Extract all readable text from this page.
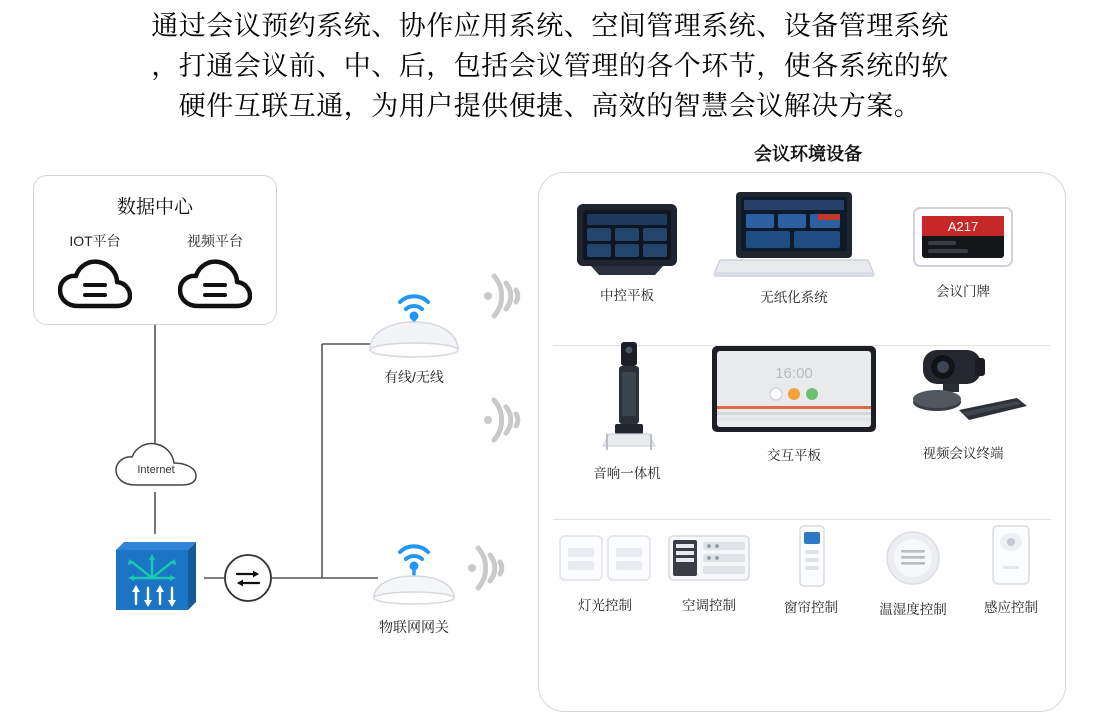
通过会议预约系统、协作应用系统、空间管理系统、设备管理系统
，打通会议前、中、后，包括会议管理的各个环节，使各系统的软
硬件互联互通，为用户提供便捷、高效的智慧会议解决方案。
数据中心
IOT平台	视频平台
Internet
有线/无线
物联网网关
会议环境设备
中控平板	无纸化系统
A217
会议门牌
音响一体机
16:00
交互平板	视频会议终端
灯光控制	空调控制	窗帘控制	温湿度控制	感应控制
